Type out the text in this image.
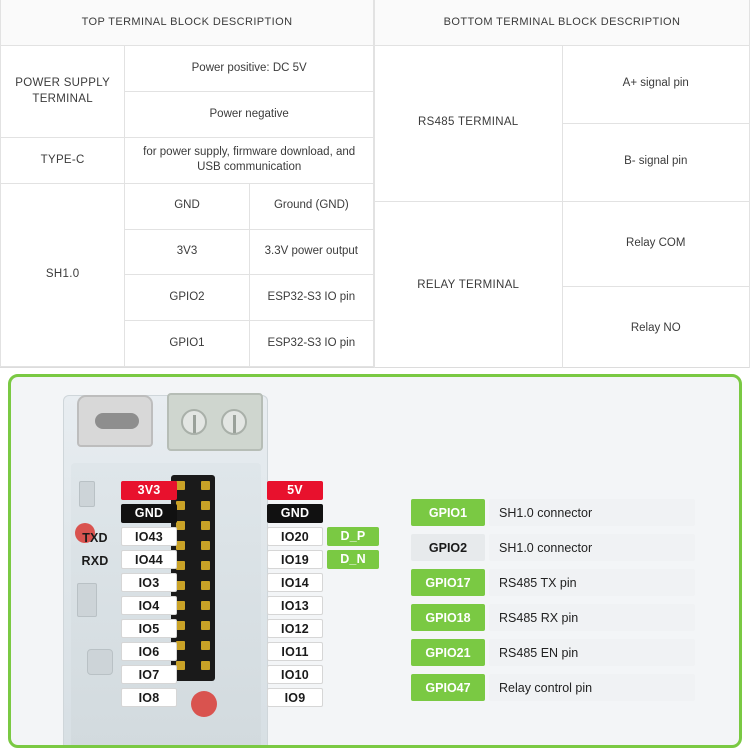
TOP TERMINAL BLOCK DESCRIPTION		
POWER SUPPLY TERMINAL	Power positive: DC 5V	
	Power negative	
TYPE-C	for power supply, firmware download, and USB communication	
SH1.0	GND	Ground (GND)
	3V3	3.3V power output
	GPIO2	ESP32-S3 IO pin
	GPIO1	ESP32-S3 IO pin
BOTTOM TERMINAL BLOCK DESCRIPTION	
RS485 TERMINAL	A+ signal pin
	B- signal pin
RELAY TERMINAL	Relay COM
	Relay NO
TXD
RXD
3V3
GND
IO43
IO44
IO3
IO4
IO5
IO6
IO7
IO8
5V
GND
IO20
IO19
IO14
IO13
IO12
IO11
IO10
IO9
D_P
D_N
GPIO1	SH1.0 connector
GPIO2	SH1.0 connector
GPIO17	RS485 TX pin
GPIO18	RS485 RX pin
GPIO21	RS485 EN pin
GPIO47	Relay control pin
